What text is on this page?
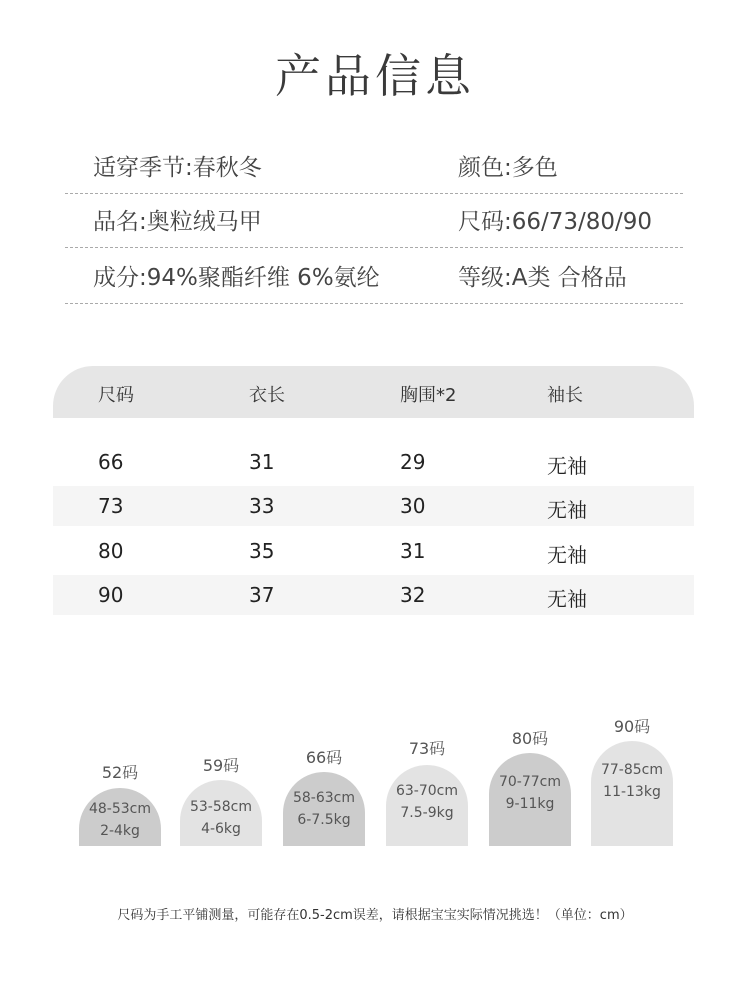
产品信息
适穿季节:春秋冬	颜色:多色
品名:奥粒绒马甲	尺码:66/73/80/90
成分:94%聚酯纤维 6%氨纶	等级:A类 合格品
尺码	衣长	胸围*2	袖长
66	31	29	无袖
73	33	30	无袖
80	35	31	无袖
90	37	32	无袖
52码
48-53cm
2-4kg
59码
53-58cm
4-6kg
66码
58-63cm
6-7.5kg
73码
63-70cm
7.5-9kg
80码
70-77cm
9-11kg
90码
77-85cm
11-13kg
尺码为手工平铺测量，可能存在0.5-2cm误差，请根据宝宝实际情况挑选！（单位：cm）
